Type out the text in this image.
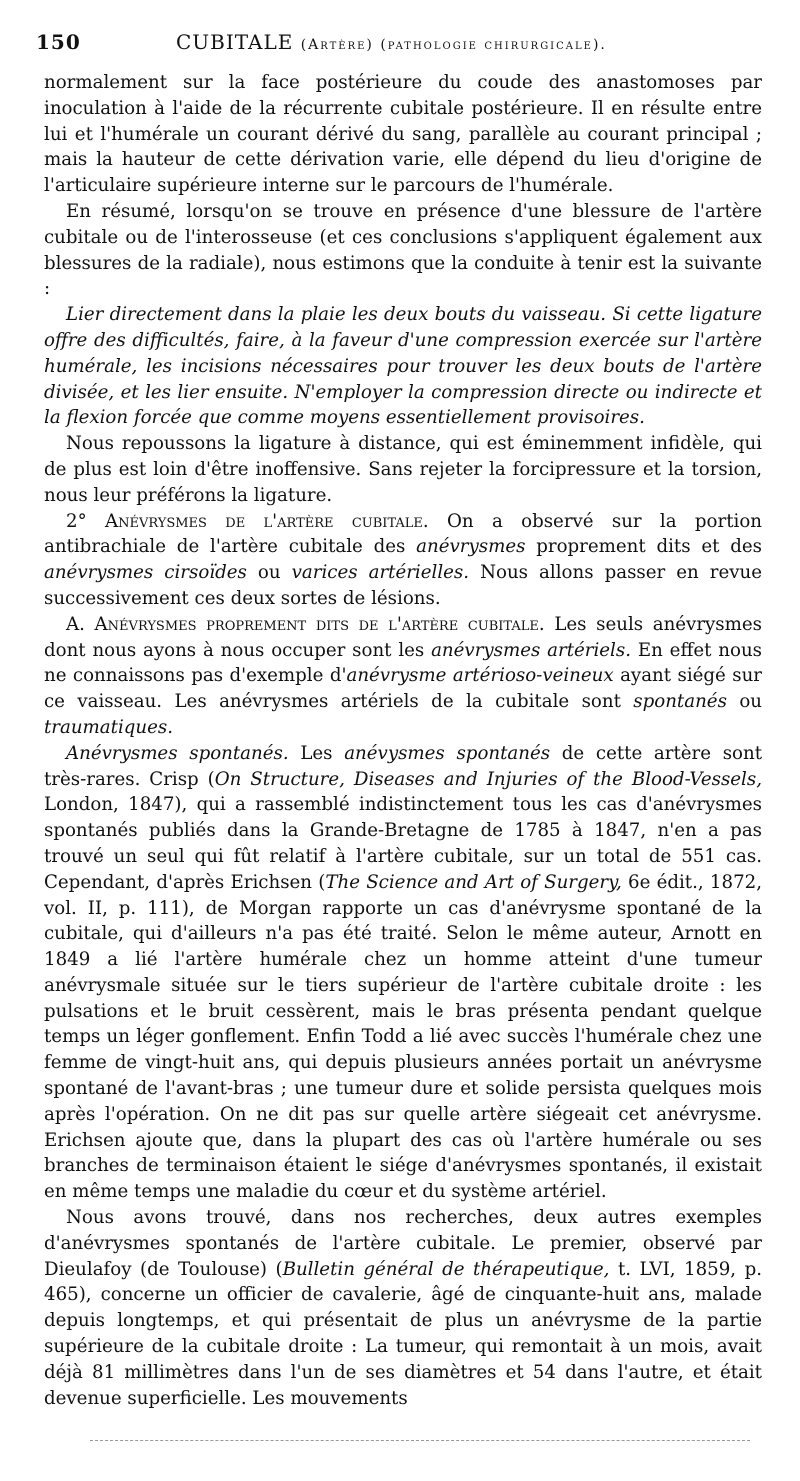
150	CUBITALE (Artère) (pathologie chirurgicale).

normalement sur la face postérieure du coude des anastomoses par inoculation à l'aide de la récurrente cubitale postérieure. Il en résulte entre lui et l'humérale un courant dérivé du sang, parallèle au courant principal ; mais la hauteur de cette dérivation varie, elle dépend du lieu d'origine de l'articulaire supérieure interne sur le parcours de l'humérale.

En résumé, lorsqu'on se trouve en présence d'une blessure de l'artère cubitale ou de l'interosseuse (et ces conclusions s'appliquent également aux blessures de la radiale), nous estimons que la conduite à tenir est la suivante :

Lier directement dans la plaie les deux bouts du vaisseau. Si cette ligature offre des difficultés, faire, à la faveur d'une compression exercée sur l'artère humérale, les incisions nécessaires pour trouver les deux bouts de l'artère divisée, et les lier ensuite. N'employer la compression directe ou indirecte et la flexion forcée que comme moyens essentiellement provisoires.

Nous repoussons la ligature à distance, qui est éminemment infidèle, qui de plus est loin d'être inoffensive. Sans rejeter la forcipressure et la torsion, nous leur préférons la ligature.

2° Anévrysmes de l'artère cubitale. On a observé sur la portion antibrachiale de l'artère cubitale des anévrysmes proprement dits et des anévrysmes cirsoïdes ou varices artérielles. Nous allons passer en revue successivement ces deux sortes de lésions.

A. Anévrysmes proprement dits de l'artère cubitale. Les seuls anévrysmes dont nous ayons à nous occuper sont les anévrysmes artériels. En effet nous ne connaissons pas d'exemple d'anévrysme artérioso-veineux ayant siégé sur ce vaisseau. Les anévrysmes artériels de la cubitale sont spontanés ou traumatiques.

Anévrysmes spontanés. Les anévysmes spontanés de cette artère sont très-rares. Crisp (On Structure, Diseases and Injuries of the Blood-Vessels, London, 1847), qui a rassemblé indistinctement tous les cas d'anévrysmes spontanés publiés dans la Grande-Bretagne de 1785 à 1847, n'en a pas trouvé un seul qui fût relatif à l'artère cubitale, sur un total de 551 cas. Cependant, d'après Erichsen (The Science and Art of Surgery, 6e édit., 1872, vol. II, p. 111), de Morgan rapporte un cas d'anévrysme spontané de la cubitale, qui d'ailleurs n'a pas été traité. Selon le même auteur, Arnott en 1849 a lié l'artère humérale chez un homme atteint d'une tumeur anévrysmale située sur le tiers supérieur de l'artère cubitale droite : les pulsations et le bruit cessèrent, mais le bras présenta pendant quelque temps un léger gonflement. Enfin Todd a lié avec succès l'humérale chez une femme de vingt-huit ans, qui depuis plusieurs années portait un anévrysme spontané de l'avant-bras ; une tumeur dure et solide persista quelques mois après l'opération. On ne dit pas sur quelle artère siégeait cet anévrysme. Erichsen ajoute que, dans la plupart des cas où l'artère humérale ou ses branches de terminaison étaient le siége d'anévrysmes spontanés, il existait en même temps une maladie du cœur et du système artériel.

Nous avons trouvé, dans nos recherches, deux autres exemples d'anévrysmes spontanés de l'artère cubitale. Le premier, observé par Dieulafoy (de Toulouse) (Bulletin général de thérapeutique, t. LVI, 1859, p. 465), concerne un officier de cavalerie, âgé de cinquante-huit ans, malade depuis longtemps, et qui présentait de plus un anévrysme de la partie supérieure de la cubitale droite : La tumeur, qui remontait à un mois, avait déjà 81 millimètres dans l'un de ses diamètres et 54 dans l'autre, et était devenue superficielle. Les mouvements
